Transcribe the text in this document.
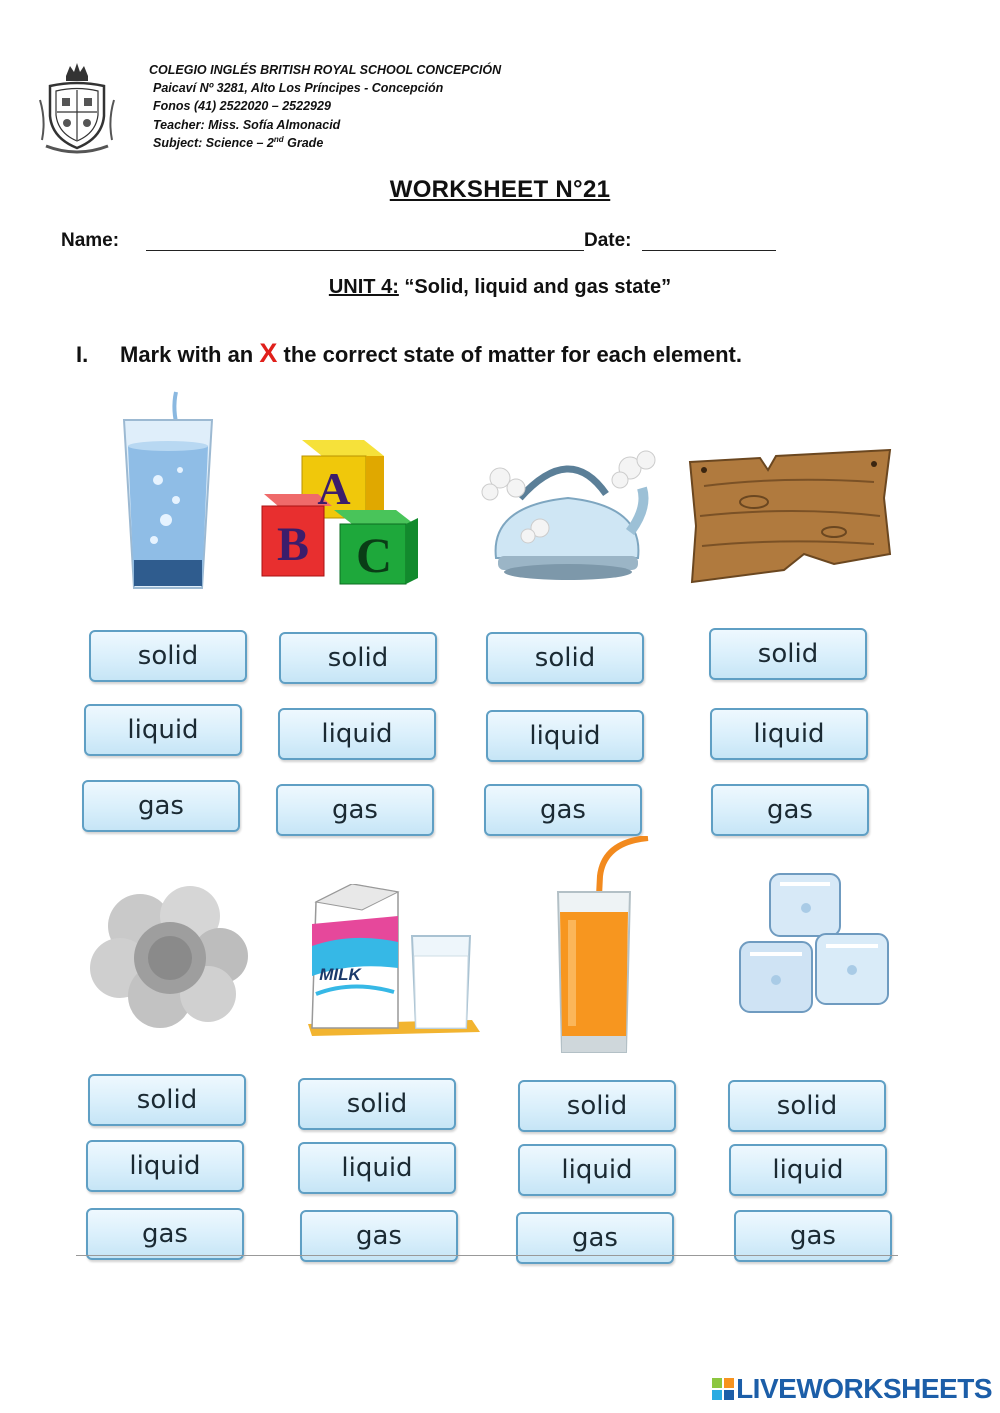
COLEGIO INGLÉS BRITISH ROYAL SCHOOL CONCEPCIÓN
Paicaví Nº 3281, Alto Los Príncipes - Concepción
Fonos (41) 2522020 – 2522929
Teacher: Miss. Sofía Almonacid
Subject: Science – 2nd Grade
WORKSHEET N°21
Name:	Date:
UNIT 4: “Solid, liquid and gas state”
I. Mark with an X the correct state of matter for each element.
A
B C
solid
liquid
gas
solid
liquid
gas
solid
liquid
gas
solid
liquid
gas
MILK
solid
liquid
gas
solid
liquid
gas
solid
liquid
gas
solid
liquid
gas
LIVEWORKSHEETS
